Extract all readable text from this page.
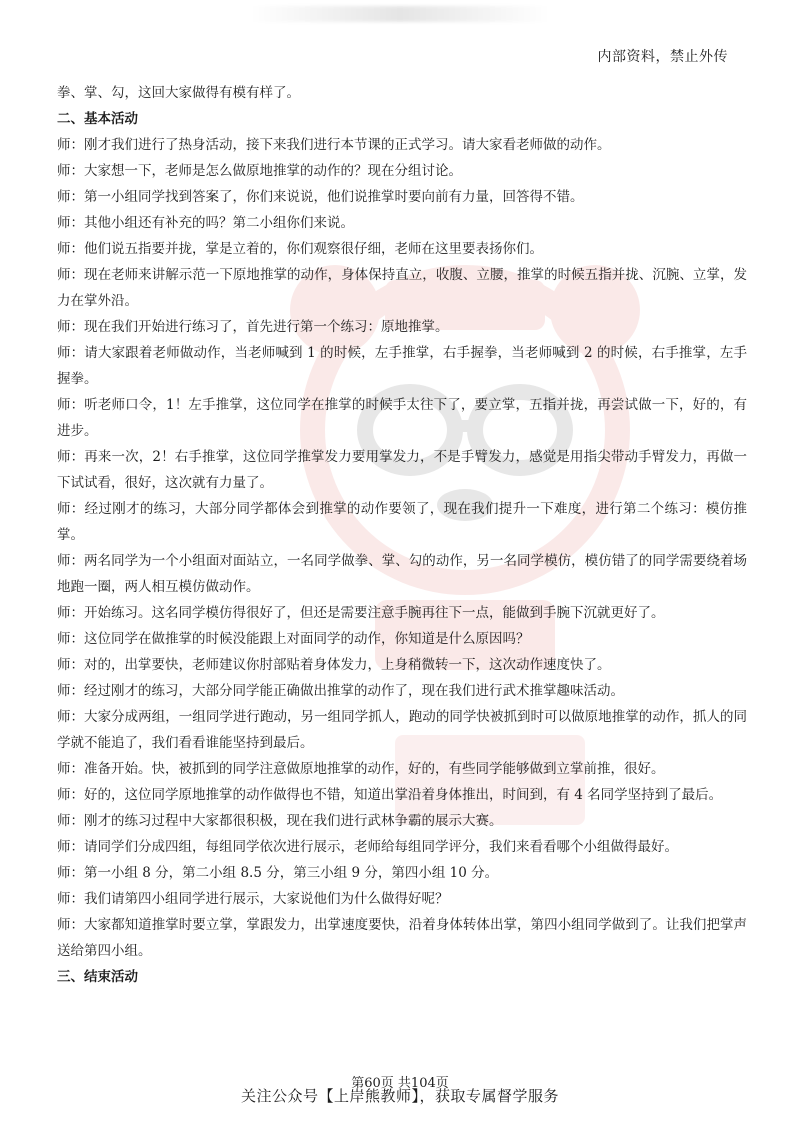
内部资料，禁止外传

拳、掌、勾，这回大家做得有模有样了。

二、基本活动

师：刚才我们进行了热身活动，接下来我们进行本节课的正式学习。请大家看老师做的动作。

师：大家想一下，老师是怎么做原地推掌的动作的？现在分组讨论。

师：第一小组同学找到答案了，你们来说说，他们说推掌时要向前有力量，回答得不错。

师：其他小组还有补充的吗？第二小组你们来说。

师：他们说五指要并拢，掌是立着的，你们观察很仔细，老师在这里要表扬你们。

师：现在老师来讲解示范一下原地推掌的动作，身体保持直立，收腹、立腰，推掌的时候五指并拢、沉腕、立掌，发力在掌外沿。

师：现在我们开始进行练习了，首先进行第一个练习：原地推掌。

师：请大家跟着老师做动作，当老师喊到 1 的时候，左手推掌，右手握拳，当老师喊到 2 的时候，右手推掌，左手握拳。

师：听老师口令，1！左手推掌，这位同学在推掌的时候手太往下了，要立掌，五指并拢，再尝试做一下，好的，有进步。

师：再来一次，2！右手推掌，这位同学推掌发力要用掌发力，不是手臂发力，感觉是用指尖带动手臂发力，再做一下试试看，很好，这次就有力量了。

师：经过刚才的练习，大部分同学都体会到推掌的动作要领了，现在我们提升一下难度，进行第二个练习：模仿推掌。

师：两名同学为一个小组面对面站立，一名同学做拳、掌、勾的动作，另一名同学模仿，模仿错了的同学需要绕着场地跑一圈，两人相互模仿做动作。

师：开始练习。这名同学模仿得很好了，但还是需要注意手腕再往下一点，能做到手腕下沉就更好了。

师：这位同学在做推掌的时候没能跟上对面同学的动作，你知道是什么原因吗？

师：对的，出掌要快，老师建议你肘部贴着身体发力，上身稍微转一下，这次动作速度快了。

师：经过刚才的练习，大部分同学能正确做出推掌的动作了，现在我们进行武术推掌趣味活动。

师：大家分成两组，一组同学进行跑动，另一组同学抓人，跑动的同学快被抓到时可以做原地推掌的动作，抓人的同学就不能追了，我们看看谁能坚持到最后。

师：准备开始。快，被抓到的同学注意做原地推掌的动作，好的，有些同学能够做到立掌前推，很好。

师：好的，这位同学原地推掌的动作做得也不错，知道出掌沿着身体推出，时间到，有 4 名同学坚持到了最后。

师：刚才的练习过程中大家都很积极，现在我们进行武林争霸的展示大赛。

师：请同学们分成四组，每组同学依次进行展示，老师给每组同学评分，我们来看看哪个小组做得最好。

师：第一小组 8 分，第二小组 8.5 分，第三小组 9 分，第四小组 10 分。

师：我们请第四小组同学进行展示，大家说他们为什么做得好呢？

师：大家都知道推掌时要立掌，掌跟发力，出掌速度要快，沿着身体转体出掌，第四小组同学做到了。让我们把掌声送给第四小组。

三、结束活动

第60页 共104页
关注公众号【上岸熊教师】，获取专属督学服务
